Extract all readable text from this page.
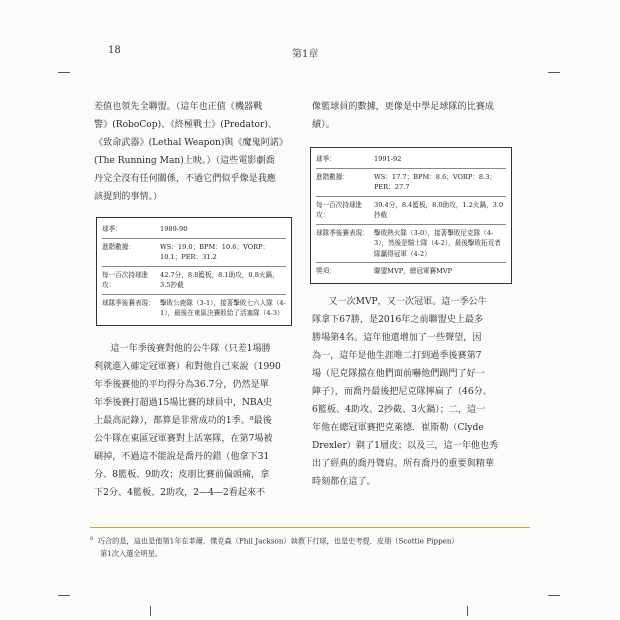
18	第1章

差值也領先全聯盟。（這年也正值《機器戰

警》(RoboCop)、《終極戰士》(Predator)、

《致命武器》(Lethal Weapon)與《魔鬼阿諾》

(The Running Man)上映。）（這些電影劇喬

丹完全沒有任何關係，不過它們似乎像是我應

該提到的事情。）

球季：	1989-90
進階數據：	WS：19.0；BPM：10.6；VORP：10.1；PER：31.2
每一百次持球進攻：
42.7分，8.8籃板，8.1助攻，0.8火鍋，3.5抄截
球隊季後賽表現： 擊敗公鹿隊（3-1），接著擊敗七六人隊（4-1），最後在東區決賽敗給了活塞隊（4-3）

這一年季後賽對他的公牛隊（只差1場勝

利就進入確定冠軍賽）和對他自己來說（1990

年季後賽他的平均得分為36.7分，仍然是單

年季後賽打超過15場比賽的球員中，NBA史

上最高記錄），都算是非常成功的1季。⁸最後

公牛隊在東區冠軍賽對上活塞隊，在第7場被

刷掉，不過這不能說是喬丹的錯（他拿下31

分、8籃板、9助攻；皮朋比賽前偏頭痛，拿

下2分、4籃板、2助攻，2—4—2看起來不

像籃球員的數據，更像是中學足球隊的比賽成

績）。

球季：	1991-92
進階數據：	WS：17.7；BPM：8.6；VORP：8.3；PER：27.7
每一百次持球進攻：
39.4分，8.4籃板，8.0助攻，1.2火鍋，3.0抄截
球隊季後賽表現： 擊敗熱火隊（3-0），接著擊敗尼克隊（4-3），然後是騎士隊（4-2），最後擊敗拓荒者隊贏得冠軍（4-2）
獎項：	聯盟MVP，總冠軍賽MVP

又一次MVP，又一次冠軍。這一季公牛

隊拿下67勝，是2016年之前聯盟史上最多

勝場第4名。這年他還增加了一些聲望，因

為一，這年是他生涯唯二打到過季後賽第7

場（尼克隊擋在他們面前嚇他們踢門了好一

陣子），而喬丹最後把尼克隊擰扁了（46分、

6籃板、4助攻、2抄截、3火鍋）；二，這一

年他在總冠軍賽把克萊德．崔斯勒（Clyde

Drexler）剃了1層皮；以及三，這一年他也秀

出了經典的喬丹聳肩。所有喬丹的重要與精華

時刻都在這了。

$^8$ 巧合的是，這也是他第1年在菲爾．傑克森（Phil Jackson）執教下打球，也是史考提．皮朋（Scottie Pippen）
第1次入選全明星。
